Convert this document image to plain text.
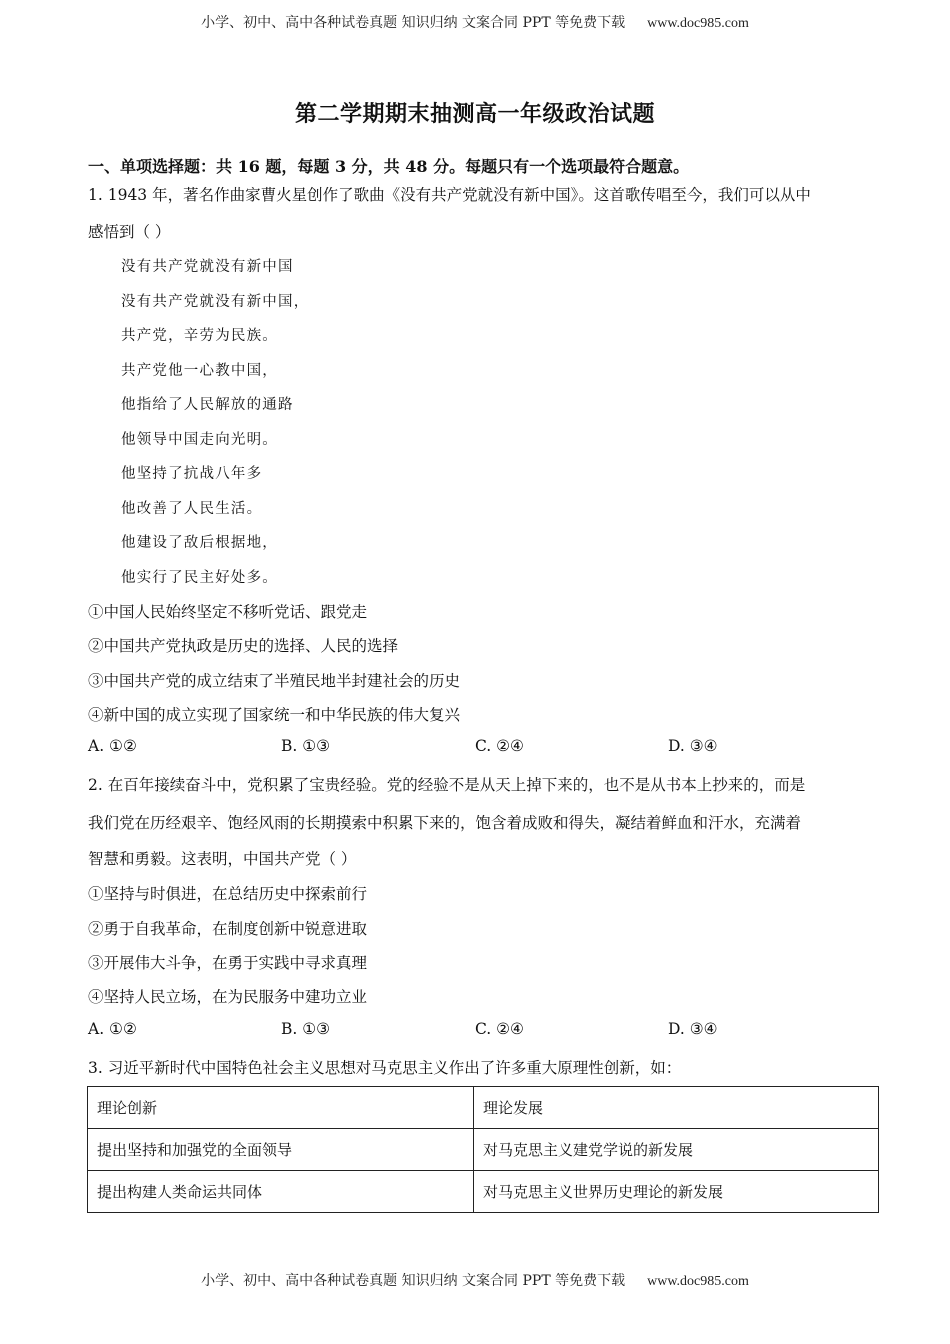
小学、初中、高中各种试卷真题 知识归纳 文案合同 PPT 等免费下载 www.doc985.com
第二学期期末抽测高一年级政治试题
一、单项选择题：共 16 题，每题 3 分，共 48 分。每题只有一个选项最符合题意。
1. 1943 年，著名作曲家曹火星创作了歌曲《没有共产党就没有新中国》。这首歌传唱至今，我们可以从中
感悟到（ ）
没有共产党就没有新中国
没有共产党就没有新中国，
共产党，辛劳为民族。
共产党他一心教中国，
他指给了人民解放的通路
他领导中国走向光明。
他坚持了抗战八年多
他改善了人民生活。
他建设了敌后根据地，
他实行了民主好处多。
①中国人民始终坚定不移听党话、跟党走
②中国共产党执政是历史的选择、人民的选择
③中国共产党的成立结束了半殖民地半封建社会的历史
④新中国的成立实现了国家统一和中华民族的伟大复兴
A. ①②	B. ①③	C. ②④	D. ③④
2. 在百年接续奋斗中，党积累了宝贵经验。党的经验不是从天上掉下来的，也不是从书本上抄来的，而是
我们党在历经艰辛、饱经风雨的长期摸索中积累下来的，饱含着成败和得失，凝结着鲜血和汗水，充满着
智慧和勇毅。这表明，中国共产党（ ）
①坚持与时俱进，在总结历史中探索前行
②勇于自我革命，在制度创新中锐意进取
③开展伟大斗争，在勇于实践中寻求真理
④坚持人民立场，在为民服务中建功立业
A. ①②	B. ①③	C. ②④	D. ③④
3. 习近平新时代中国特色社会主义思想对马克思主义作出了许多重大原理性创新，如：
理论创新	理论发展
提出坚持和加强党的全面领导	对马克思主义建党学说的新发展
提出构建人类命运共同体	对马克思主义世界历史理论的新发展
小学、初中、高中各种试卷真题 知识归纳 文案合同 PPT 等免费下载 www.doc985.com
